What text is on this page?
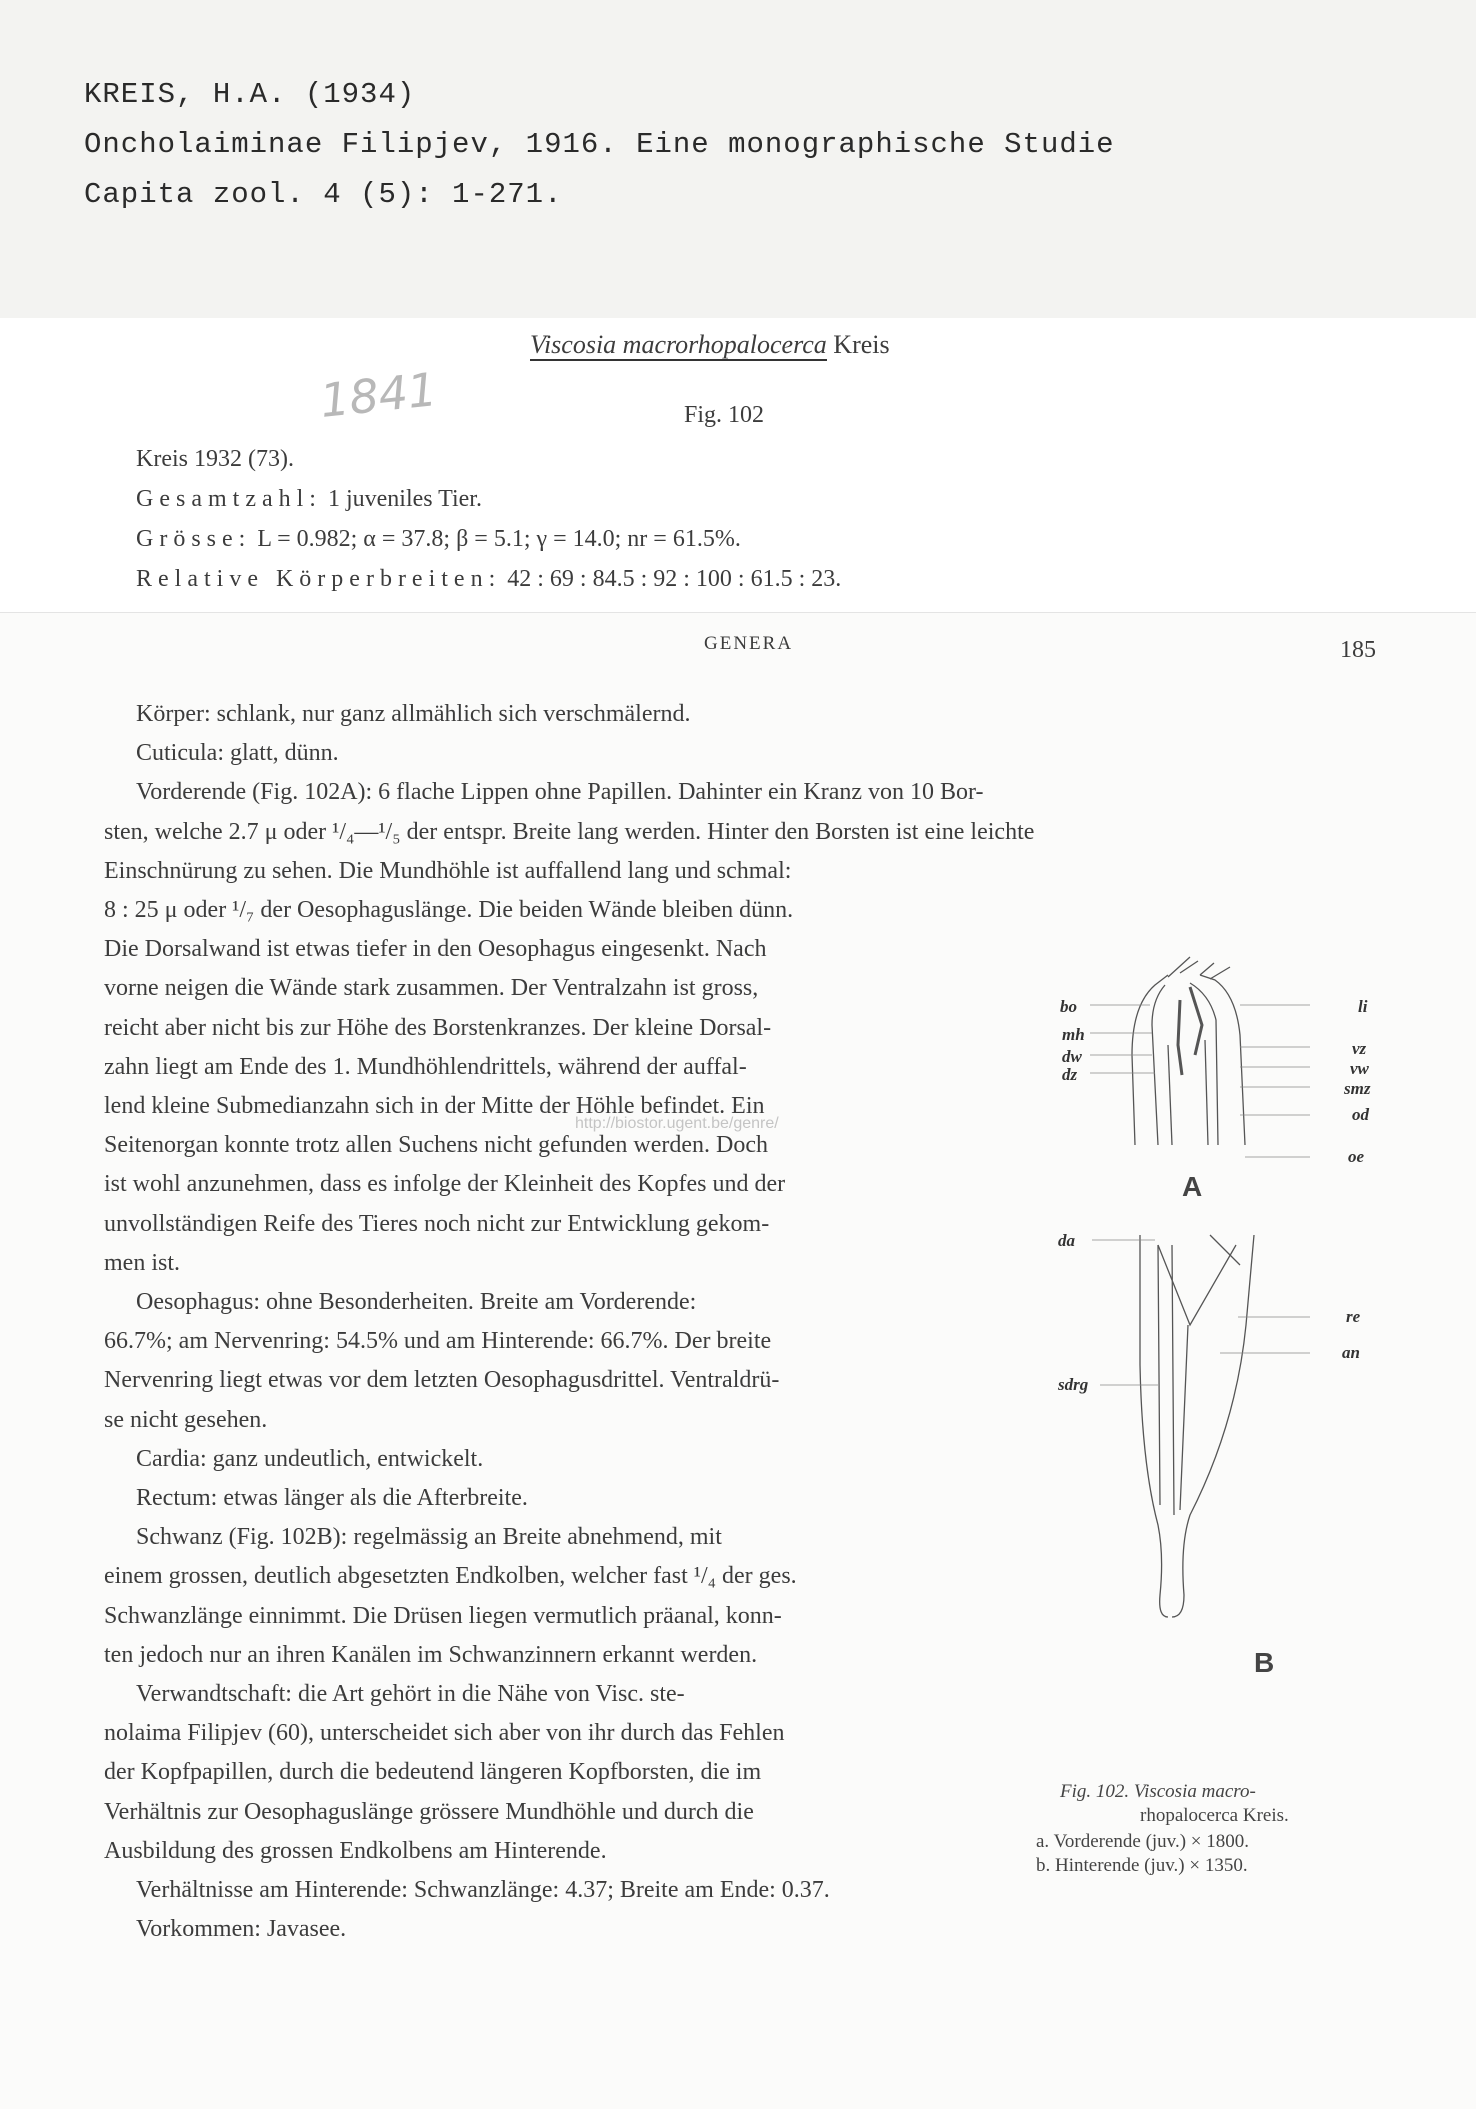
KREIS, H.A. (1934)
Oncholaiminae Filipjev, 1916. Eine monographische Studie
Capita zool. 4 (5): 1-271.
Viscosia macrorhopalocerca Kreis
1841	Fig. 102
Kreis 1932 (73).
Gesamtzahl: 1 juveniles Tier.
Grösse: L = 0.982; α = 37.8; β = 5.1; γ = 14.0; nr = 61.5%.
Relative Körperbreiten: 42 : 69 : 84.5 : 92 : 100 : 61.5 : 23.
GENERA	185
Körper: schlank, nur ganz allmählich sich verschmälernd.
Cuticula: glatt, dünn.
Vorderende (Fig. 102A): 6 flache Lippen ohne Papillen. Dahinter ein Kranz von 10 Bor-
sten, welche 2.7 μ oder ¹/₄—¹/₅ der entspr. Breite lang werden. Hinter den Borsten ist eine leichte
Einschnürung zu sehen. Die Mundhöhle ist auffallend lang und schmal:
8 : 25 μ oder ¹/₇ der Oesophaguslänge. Die beiden Wände bleiben dünn.
Die Dorsalwand ist etwas tiefer in den Oesophagus eingesenkt. Nach
vorne neigen die Wände stark zusammen. Der Ventralzahn ist gross,
reicht aber nicht bis zur Höhe des Borstenkranzes. Der kleine Dorsal-
zahn liegt am Ende des 1. Mundhöhlendrittels, während der auffal-
lend kleine Submedianzahn sich in der Mitte der Höhle befindet. Ein
Seitenorgan konnte trotz allen Suchens nicht gefunden werden. Doch
ist wohl anzunehmen, dass es infolge der Kleinheit des Kopfes und der
unvollständigen Reife des Tieres noch nicht zur Entwicklung gekom-
men ist.
Oesophagus: ohne Besonderheiten. Breite am Vorderende:
66.7%; am Nervenring: 54.5% und am Hinterende: 66.7%. Der breite
Nervenring liegt etwas vor dem letzten Oesophagusdrittel. Ventraldrü-
se nicht gesehen.
Cardia: ganz undeutlich, entwickelt.
Rectum: etwas länger als die Afterbreite.
Schwanz (Fig. 102B): regelmässig an Breite abnehmend, mit
einem grossen, deutlich abgesetzten Endkolben, welcher fast ¹/₄ der ges.
Schwanzlänge einnimmt. Die Drüsen liegen vermutlich präanal, konn-
ten jedoch nur an ihren Kanälen im Schwanzinnern erkannt werden.
Verwandtschaft: die Art gehört in die Nähe von Visc. ste-
nolaima Filipjev (60), unterscheidet sich aber von ihr durch das Fehlen
der Kopfpapillen, durch die bedeutend längeren Kopfborsten, die im
Verhältnis zur Oesophaguslänge grössere Mundhöhle und durch die
Ausbildung des grossen Endkolbens am Hinterende.
Verhältnisse am Hinterende: Schwanzlänge: 4.37; Breite am Ende: 0.37.
Vorkommen: Javasee.
http://biostor.ugent.be/genre/
bo
mh
dw
dz
li
vz
vw
smz
od
oe
A
da
sdrg
re
an
B
Fig. 102. Viscosia macro-
rhopalocerca Kreis.
a. Vorderende (juv.) × 1800.
b. Hinterende (juv.) × 1350.
